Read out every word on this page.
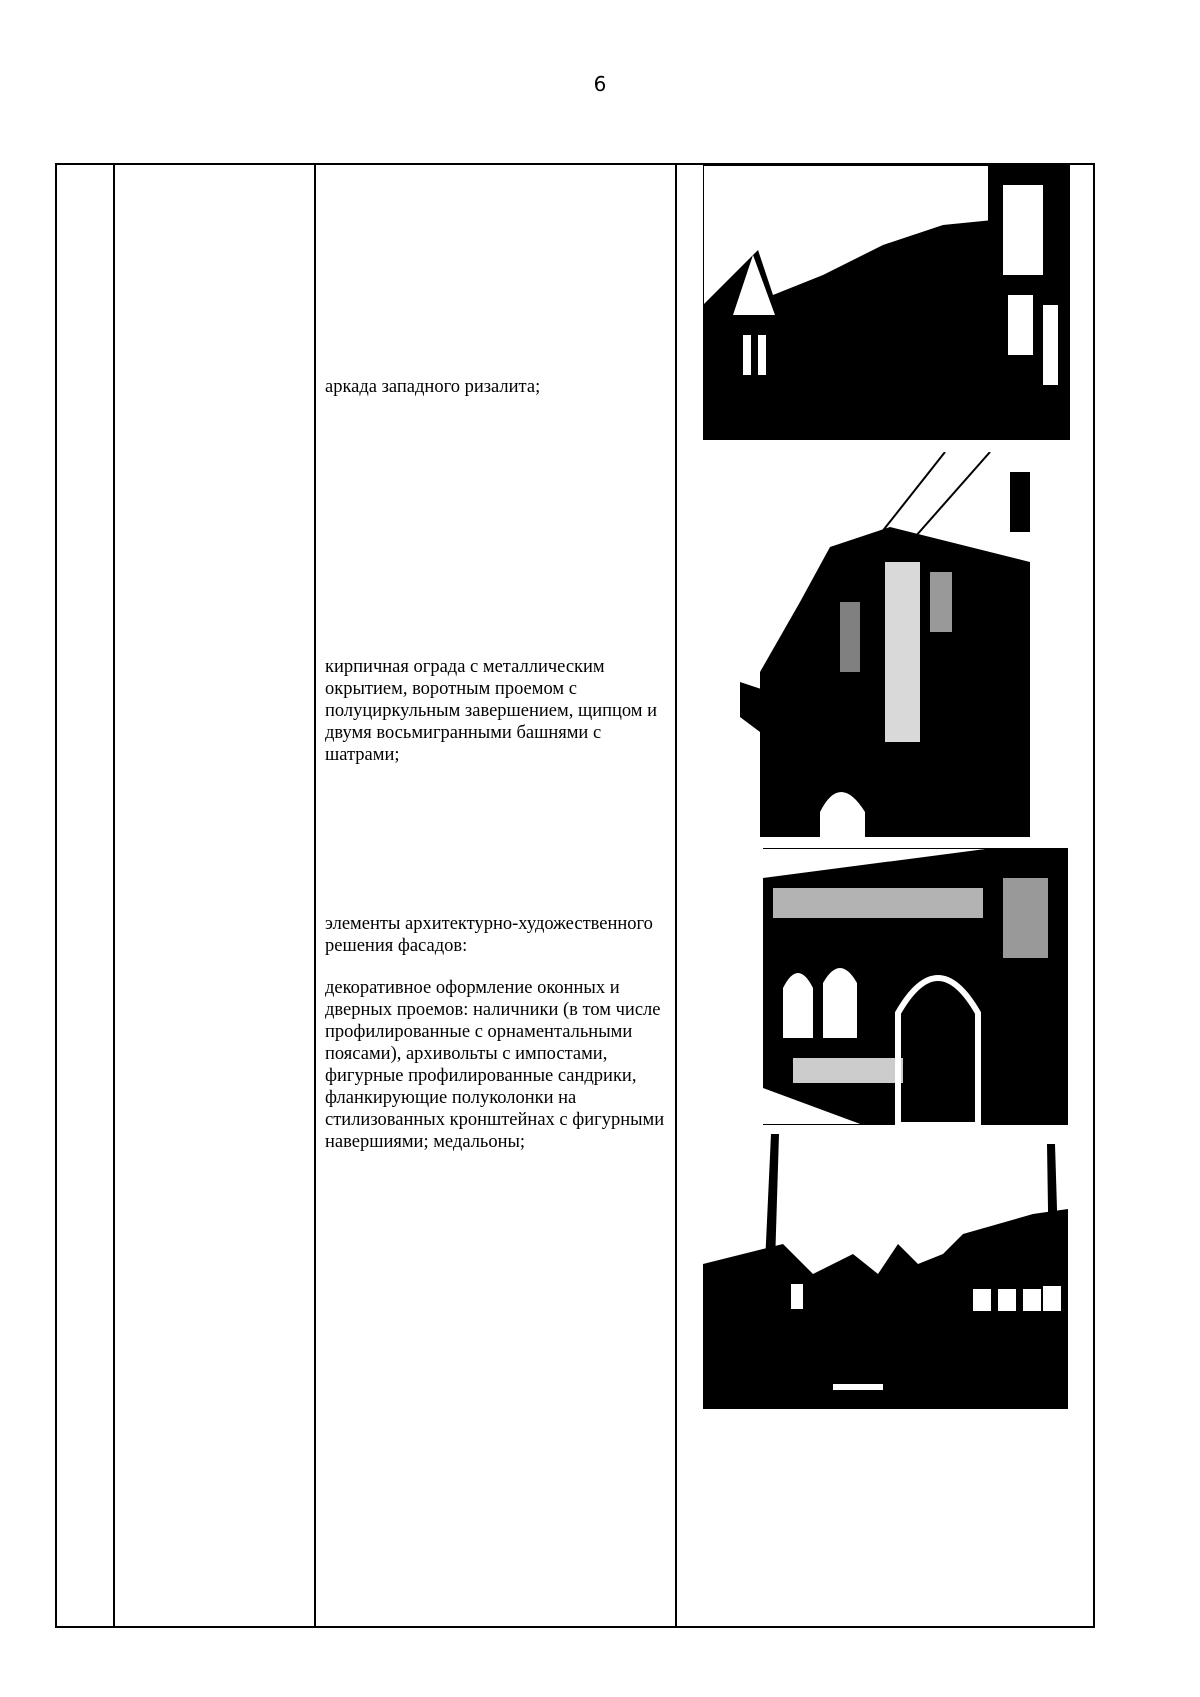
6
аркада западного ризалита;
кирпичная ограда с металлическим окрытием, воротным проемом с полуциркульным завершением, щипцом и двумя восьмигранными башнями с шатрами;

элементы архитектурно-художественного решения фасадов:

декоративное оформление оконных и дверных проемов: наличники (в том числе профилированные с орнаментальными поясами), архивольты с импостами, фигурные профилированные сандрики, фланкирующие полуколонки на стилизованных кронштейнах с фигурными навершиями; медальоны;
